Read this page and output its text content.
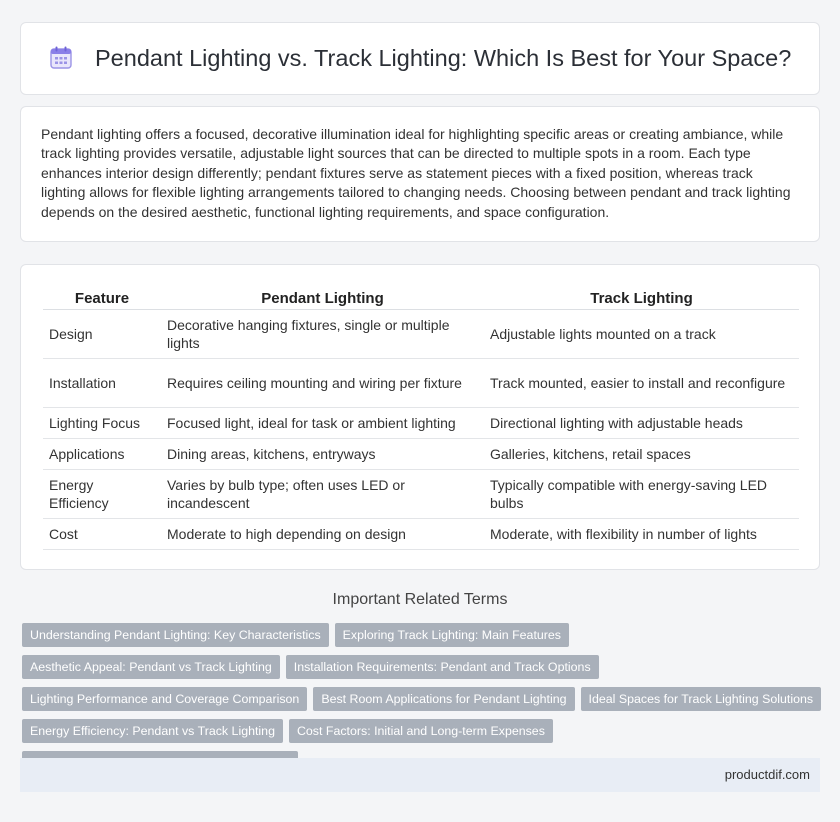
Pendant Lighting vs. Track Lighting: Which Is Best for Your Space?

Pendant lighting offers a focused, decorative illumination ideal for highlighting specific areas or creating ambiance, while track lighting provides versatile, adjustable light sources that can be directed to multiple spots in a room. Each type enhances interior design differently; pendant fixtures serve as statement pieces with a fixed position, whereas track lighting allows for flexible lighting arrangements tailored to changing needs. Choosing between pendant and track lighting depends on the desired aesthetic, functional lighting requirements, and space configuration.

Feature	Pendant Lighting	Track Lighting
Design	Decorative hanging fixtures, single or multiple lights	Adjustable lights mounted on a track
Installation	Requires ceiling mounting and wiring per fixture	Track mounted, easier to install and reconfigure
Lighting Focus	Focused light, ideal for task or ambient lighting	Directional lighting with adjustable heads
Applications	Dining areas, kitchens, entryways	Galleries, kitchens, retail spaces
Energy Efficiency	Varies by bulb type; often uses LED or incandescent	Typically compatible with energy-saving LED bulbs
Cost	Moderate to high depending on design	Moderate, with flexibility in number of lights
Important Related Terms
Understanding Pendant Lighting: Key Characteristics	Exploring Track Lighting: Main Features
Aesthetic Appeal: Pendant vs Track Lighting	Installation Requirements: Pendant and Track Options
Lighting Performance and Coverage Comparison	Best Room Applications for Pendant Lighting	Ideal Spaces for Track Lighting Solutions
Energy Efficiency: Pendant vs Track Lighting	Cost Factors: Initial and Long-term Expenses
productdif.com
